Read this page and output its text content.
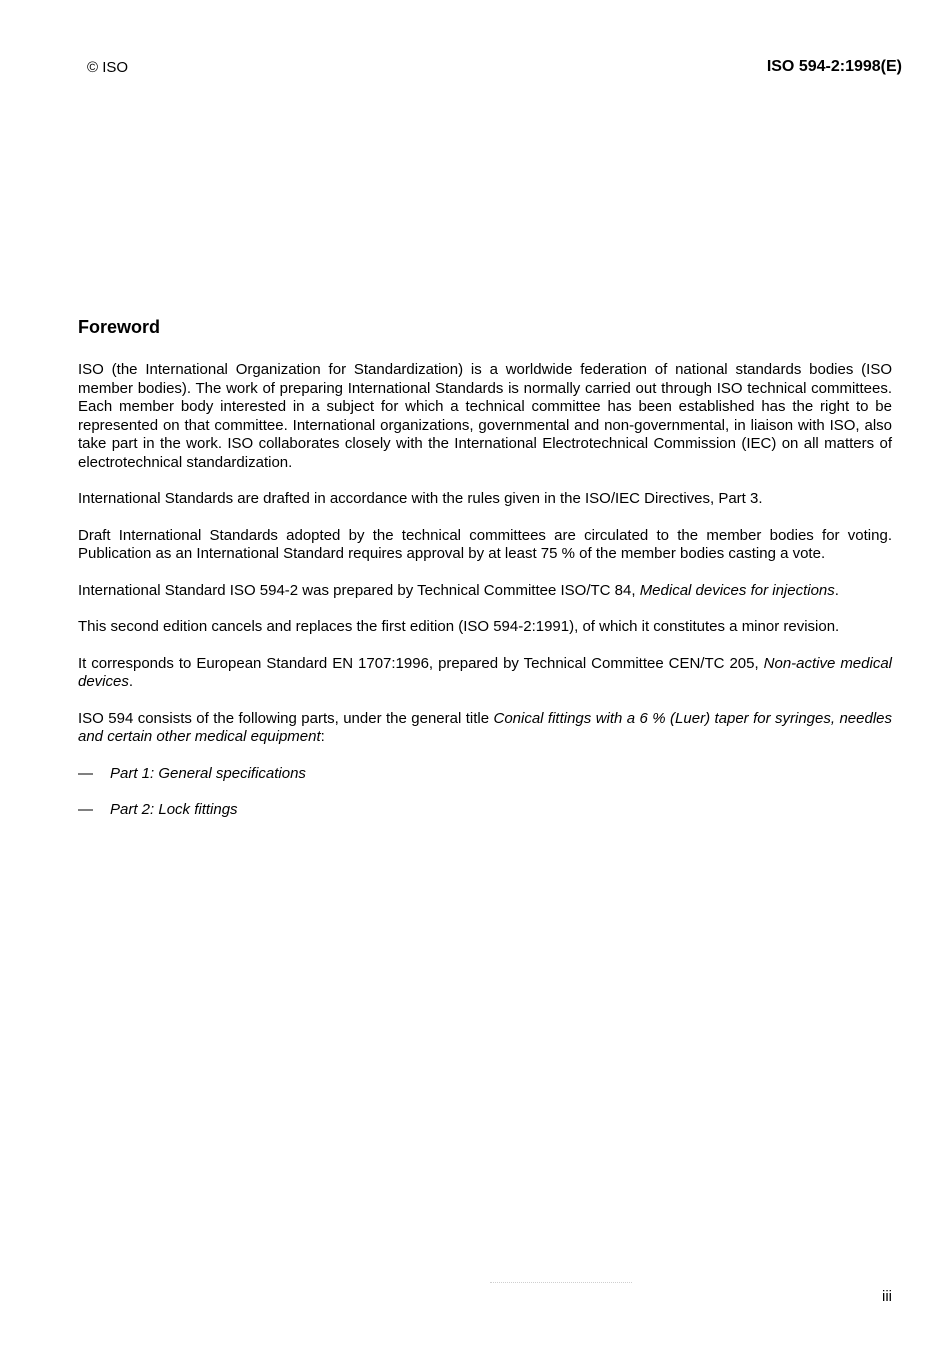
© ISO	ISO 594-2:1998(E)
Foreword

ISO (the International Organization for Standardization) is a worldwide federation of national standards bodies (ISO member bodies). The work of preparing International Standards is normally carried out through ISO technical committees. Each member body interested in a subject for which a technical committee has been established has the right to be represented on that committee. International organizations, governmental and non-governmental, in liaison with ISO, also take part in the work. ISO collaborates closely with the International Electrotechnical Commission (IEC) on all matters of electrotechnical standardization.

International Standards are drafted in accordance with the rules given in the ISO/IEC Directives, Part 3.

Draft International Standards adopted by the technical committees are circulated to the member bodies for voting. Publication as an International Standard requires approval by at least 75 % of the member bodies casting a vote.

International Standard ISO 594-2 was prepared by Technical Committee ISO/TC 84, Medical devices for injections.

This second edition cancels and replaces the first edition (ISO 594-2:1991), of which it constitutes a minor revision.

It corresponds to European Standard EN 1707:1996, prepared by Technical Committee CEN/TC 205, Non-active medical devices.

ISO 594 consists of the following parts, under the general title Conical fittings with a 6 % (Luer) taper for syringes, needles and certain other medical equipment:

— Part 1: General specifications
— Part 2: Lock fittings
iii
